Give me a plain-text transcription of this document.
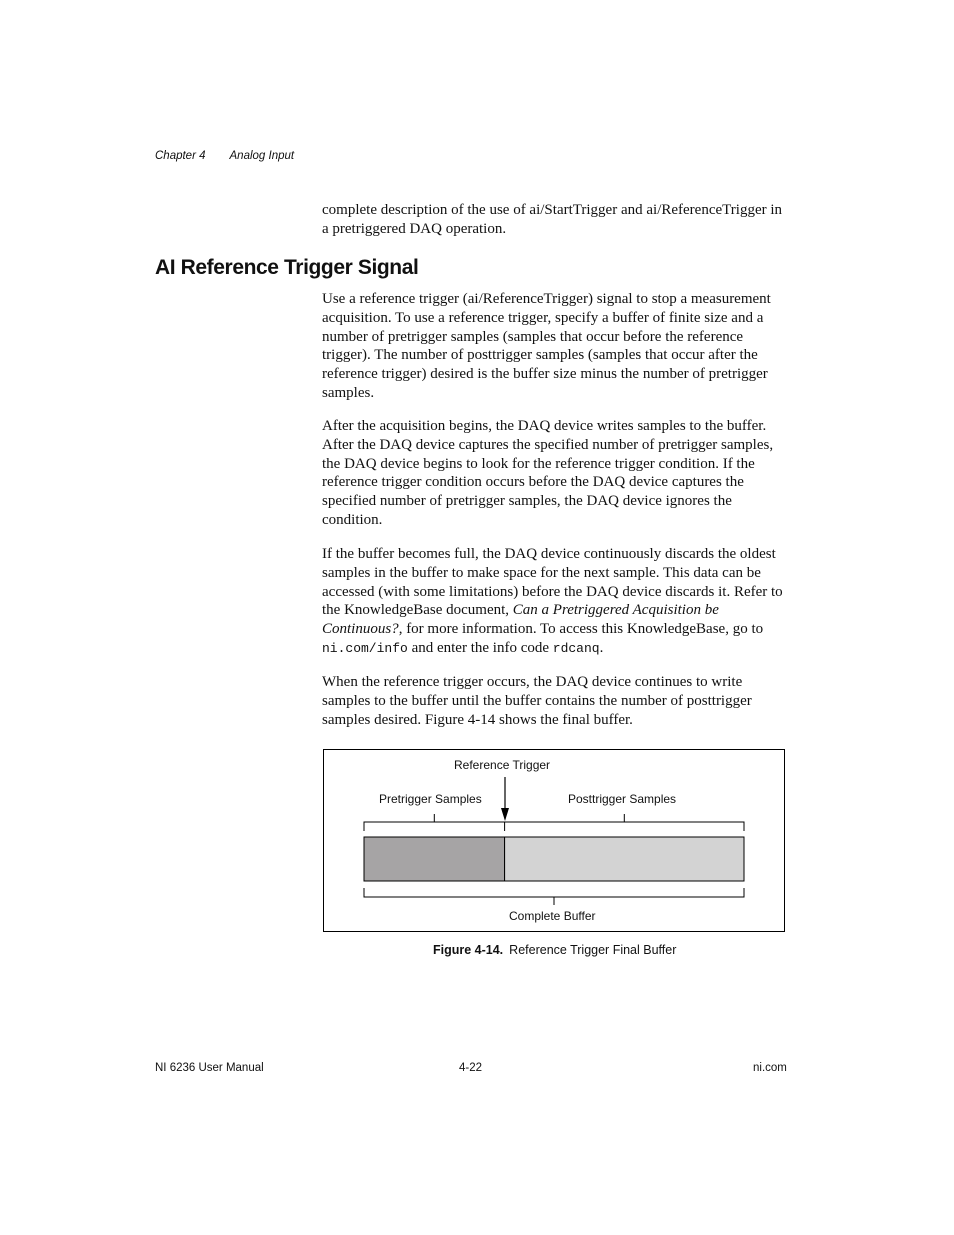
Chapter 4 Analog Input

complete description of the use of ai/StartTrigger and ai/ReferenceTrigger in a pretriggered DAQ operation.

AI Reference Trigger Signal

Use a reference trigger (ai/ReferenceTrigger) signal to stop a measurement acquisition. To use a reference trigger, specify a buffer of finite size and a number of pretrigger samples (samples that occur before the reference trigger). The number of posttrigger samples (samples that occur after the reference trigger) desired is the buffer size minus the number of pretrigger samples.

After the acquisition begins, the DAQ device writes samples to the buffer. After the DAQ device captures the specified number of pretrigger samples, the DAQ device begins to look for the reference trigger condition. If the reference trigger condition occurs before the DAQ device captures the specified number of pretrigger samples, the DAQ device ignores the condition.

If the buffer becomes full, the DAQ device continuously discards the oldest samples in the buffer to make space for the next sample. This data can be accessed (with some limitations) before the DAQ device discards it. Refer to the KnowledgeBase document, Can a Pretriggered Acquisition be Continuous?, for more information. To access this KnowledgeBase, go to ni.com/info and enter the info code rdcanq.

When the reference trigger occurs, the DAQ device continues to write samples to the buffer until the buffer contains the number of posttrigger samples desired. Figure 4-14 shows the final buffer.

Reference Trigger
Pretrigger Samples	Posttrigger Samples
Complete Buffer
Figure 4-14. Reference Trigger Final Buffer
NI 6236 User Manual	4-22	ni.com
